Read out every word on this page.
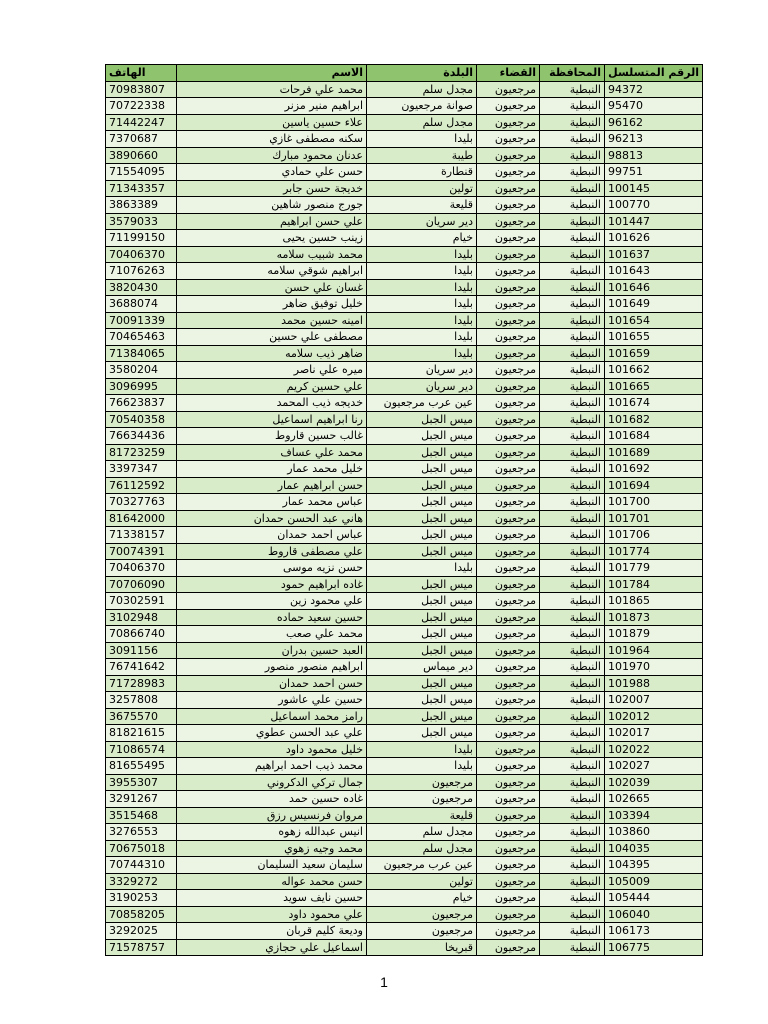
الرقم المتسلسل	المحافظة	القضاء	البلدة	الاسم	الهاتف
94372	النبطية	مرجعيون	مجدل سلم	محمد علي فرحات	70983807
95470	النبطية	مرجعيون	صوانة مرجعيون	ابراهيم منير مزنر	70722338
96162	النبطية	مرجعيون	مجدل سلم	علاء حسين ياسين	71442247
96213	النبطية	مرجعيون	بليدا	سكنه مصطفى غازي	7370687
98813	النبطية	مرجعيون	طيبة	عدنان محمود مبارك	3890660
99751	النبطية	مرجعيون	قنطارة	حسن علي حمادي	71554095
100145	النبطية	مرجعيون	تولين	خديجة حسن جابر	71343357
100770	النبطية	مرجعيون	قليعة	جورج منصور شاهين	3863389
101447	النبطية	مرجعيون	دير سريان	علي حسن ابراهيم	3579033
101626	النبطية	مرجعيون	خيام	زينب حسين يحيى	71199150
101637	النبطية	مرجعيون	بليدا	محمد شبيب سلامه	70406370
101643	النبطية	مرجعيون	بليدا	ابراهيم شوقي سلامه	71076263
101646	النبطية	مرجعيون	بليدا	غسان علي حسن	3820430
101649	النبطية	مرجعيون	بليدا	خليل توفيق ضاهر	3688074
101654	النبطية	مرجعيون	بليدا	امينه حسين محمد	70091339
101655	النبطية	مرجعيون	بليدا	مصطفى علي حسين	70465463
101659	النبطية	مرجعيون	بليدا	ضاهر ذيب سلامه	71384065
101662	النبطية	مرجعيون	دير سريان	ميره علي ناصر	3580204
101665	النبطية	مرجعيون	دير سريان	علي حسين كريم	3096995
101674	النبطية	مرجعيون	عين عرب مرجعيون	خديجه ذيب المحمد	76623837
101682	النبطية	مرجعيون	ميس الجبل	رنا ابراهيم اسماعيل	70540358
101684	النبطية	مرجعيون	ميس الجبل	غالب حسين قاروط	76634436
101689	النبطية	مرجعيون	ميس الجبل	محمد علي عساف	81723259
101692	النبطية	مرجعيون	ميس الجبل	خليل محمد عمار	3397347
101694	النبطية	مرجعيون	ميس الجبل	حسن ابراهيم عمار	76112592
101700	النبطية	مرجعيون	ميس الجبل	عباس محمد عمار	70327763
101701	النبطية	مرجعيون	ميس الجبل	هاني عبد الحسن حمدان	81642000
101706	النبطية	مرجعيون	ميس الجبل	عباس احمد حمدان	71338157
101774	النبطية	مرجعيون	ميس الجبل	علي مصطفى قاروط	70074391
101779	النبطية	مرجعيون	بليدا	حسن نزيه موسى	70406370
101784	النبطية	مرجعيون	ميس الجبل	غاده ابراهيم حمود	70706090
101865	النبطية	مرجعيون	ميس الجبل	علي محمود زين	70302591
101873	النبطية	مرجعيون	ميس الجبل	حسين سعيد حماده	3102948
101879	النبطية	مرجعيون	ميس الجبل	محمد علي صعب	70866740
101964	النبطية	مرجعيون	ميس الجبل	العبد حسين بدران	3091156
101970	النبطية	مرجعيون	دير ميماس	ابراهيم منصور منصور	76741642
101988	النبطية	مرجعيون	ميس الجبل	حسن احمد حمدان	71728983
102007	النبطية	مرجعيون	ميس الجبل	حسين علي عاشور	3257808
102012	النبطية	مرجعيون	ميس الجبل	رامز محمد اسماعيل	3675570
102017	النبطية	مرجعيون	ميس الجبل	علي عبد الحسن عطوي	81821615
102022	النبطية	مرجعيون	بليدا	خليل محمود داود	71086574
102027	النبطية	مرجعيون	بليدا	محمد ذيب احمد ابراهيم	81655495
102039	النبطية	مرجعيون	مرجعيون	جمال تركي الدكروني	3955307
102665	النبطية	مرجعيون	مرجعيون	غاده حسين حمد	3291267
103394	النبطية	مرجعيون	قليعة	مروان فرنسيس رزق	3515468
103860	النبطية	مرجعيون	مجدل سلم	انيس عبدالله زهوه	3276553
104035	النبطية	مرجعيون	مجدل سلم	محمد وجيه زهوي	70675018
104395	النبطية	مرجعيون	عين عرب مرجعيون	سليمان سعيد السليمان	70744310
105009	النبطية	مرجعيون	تولين	حسن محمد عواله	3329272
105444	النبطية	مرجعيون	خيام	حسين نايف سويد	3190253
106040	النبطية	مرجعيون	مرجعيون	علي محمود داود	70858205
106173	النبطية	مرجعيون	مرجعيون	وديعة كليم قربان	3292025
106775	النبطية	مرجعيون	قبريخا	اسماعيل علي حجازي	71578757
1
